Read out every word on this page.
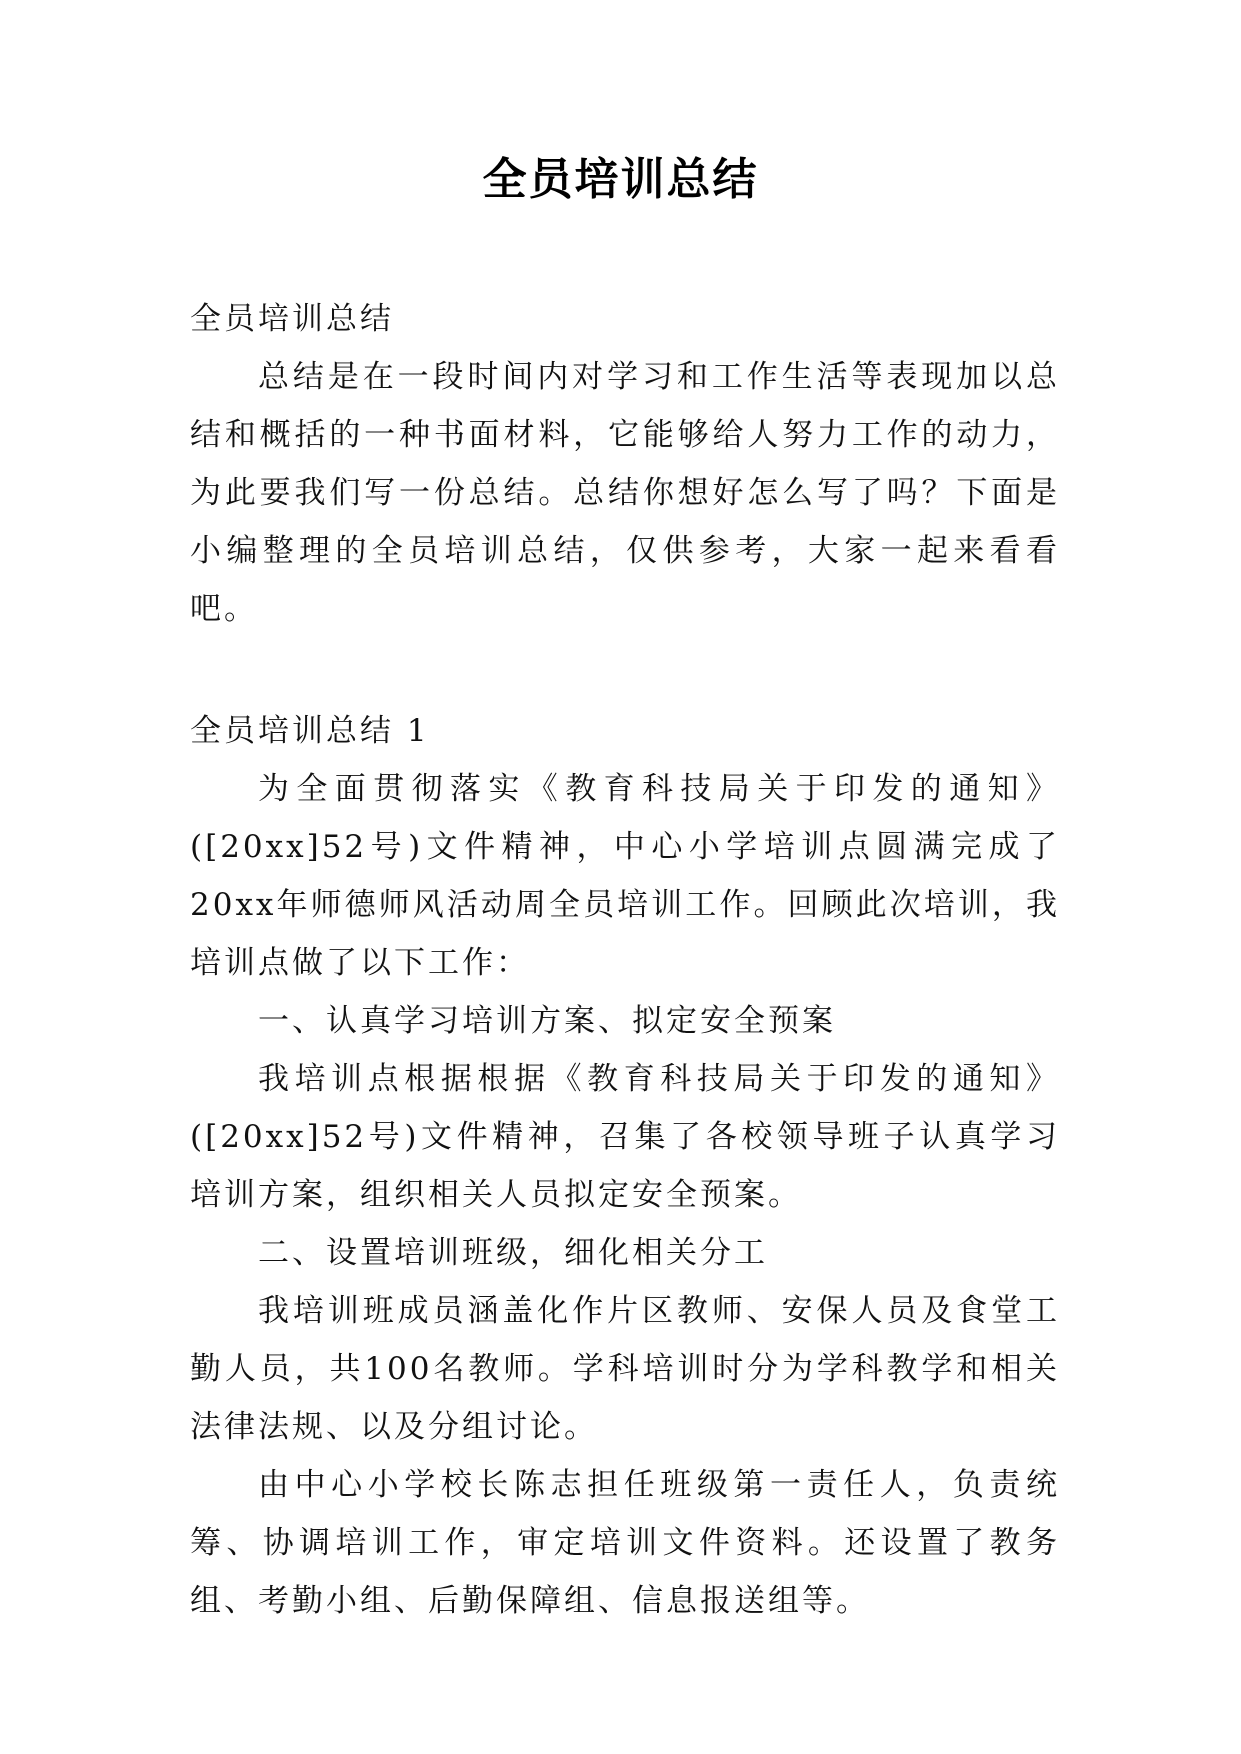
全员培训总结

全员培训总结

总结是在一段时间内对学习和工作生活等表现加以总结和概括的一种书面材料，它能够给人努力工作的动力，为此要我们写一份总结。总结你想好怎么写了吗？下面是小编整理的全员培训总结，仅供参考，大家一起来看看吧。

全员培训总结 1

为全面贯彻落实《教育科技局关于印发的通知》([20xx]52号)文件精神，中心小学培训点圆满完成了20xx年师德师风活动周全员培训工作。回顾此次培训，我培训点做了以下工作：

一、认真学习培训方案、拟定安全预案

我培训点根据根据《教育科技局关于印发的通知》([20xx]52号)文件精神，召集了各校领导班子认真学习培训方案，组织相关人员拟定安全预案。

二、设置培训班级，细化相关分工

我培训班成员涵盖化作片区教师、安保人员及食堂工勤人员，共100名教师。学科培训时分为学科教学和相关法律法规、以及分组讨论。

由中心小学校长陈志担任班级第一责任人，负责统筹、协调培训工作，审定培训文件资料。还设置了教务组、考勤小组、后勤保障组、信息报送组等。
